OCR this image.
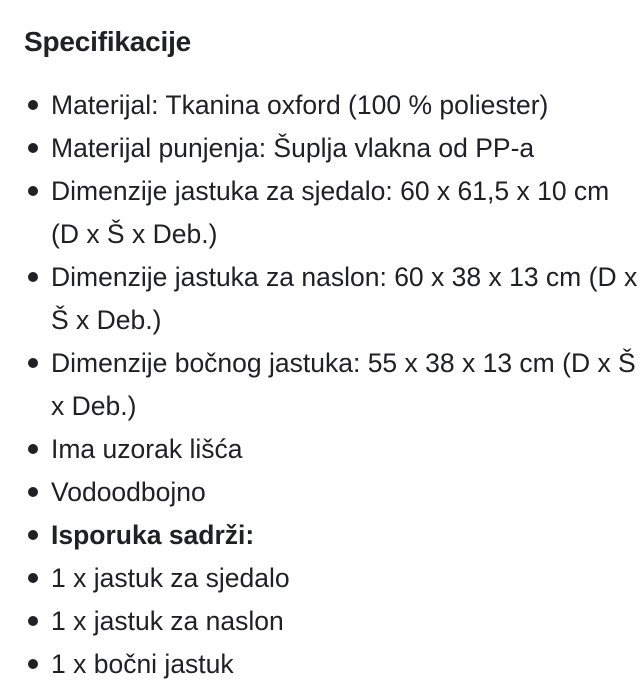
Specifikacije
Materijal: Tkanina oxford (100 % poliester)
Materijal punjenja: Šuplja vlakna od PP-a
Dimenzije jastuka za sjedalo: 60 x 61,5 x 10 cm (D x Š x Deb.)
Dimenzije jastuka za naslon: 60 x 38 x 13 cm (D x Š x Deb.)
Dimenzije bočnog jastuka: 55 x 38 x 13 cm (D x Š x Deb.)
Ima uzorak lišća
Vodoodbojno
Isporuka sadrži:
1 x jastuk za sjedalo
1 x jastuk za naslon
1 x bočni jastuk
